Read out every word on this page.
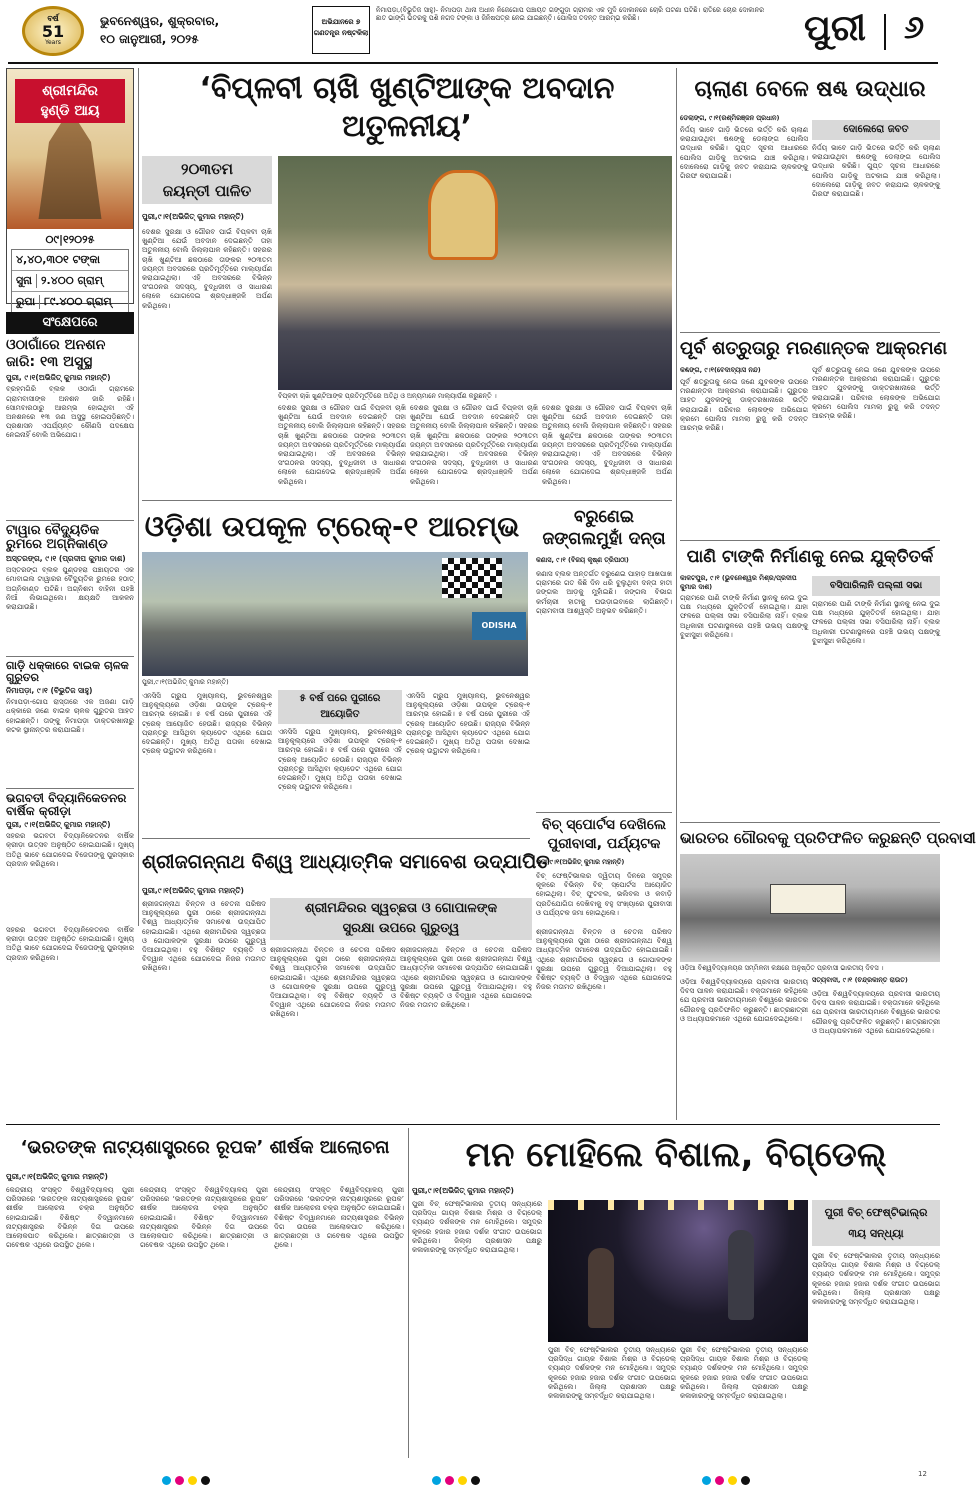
ବର୍ଷ
51
Years
ଭୁବନେଶ୍ୱର, ଶୁକ୍ରବାର,
୧୦ ଜାନୁଆରୀ, ୨୦୨୫
ଅଭିଯାନରେ ୭
ଗଣତନ୍ତ୍ର ନଷ୍ଟକିଲା
ନିମାପଡ଼ା,(ବିଭୁତିଜ ସାହୁ)- ନିମାପଡ଼ା ଥାନା ଅଧୀନ ନିଜେଗୋପ ପଞ୍ଚାୟତ ଗଙ୍ଗୁଡ଼ା ଗ୍ରାମର ଏକ ମୁଦି ଦୋକାନରେ ଚୋରି ଘଟଣା ଘଟିଛି। ରାତିରେ ଚୋର ଦୋକାନର ଛାତ ଭାଙ୍ଗି ଭିତରକୁ ପଶି ନଗଦ ଟଙ୍କା ଓ ଜିନିଷପତ୍ର ନେଇ ଯାଇଛନ୍ତି। ପୋଲିସ ତଦନ୍ତ ଆରମ୍ଭ କରିଛି।	ପୁରୀ	୬
ଶ୍ରୀମନ୍ଦିର
ହୁଣ୍ଡି ଆୟ
୦୯|୧୨୦୨୫
୪,୪୦,୩୦୧ ଟଙ୍କା
ସୁନା ୨.୪୦୦ ଗ୍ରାମ୍
ରୁପା ୮୯.୪୦୦ ଗ୍ରାମ୍
ସଂକ୍ଷେପରେ
ଓଠାଗାଁରେ ଅନଶନ
ଜାରି: ୧୩ ଅସୁସ୍ଥ
ପୁରୀ, ୯।୧(ଅଭିଜିତ୍ କୁମାର ମହାନ୍ତି)
ବ୍ରହ୍ମଗିରି ବ୍ଲକ ଓଠାଗାଁ ଗ୍ରାମରେ ଗ୍ରାମବାସୀଙ୍କ ଅନଶନ ଜାରି ରହିଛି। ସୋମବାରଠାରୁ ଆରମ୍ଭ ହୋଇଥିବା ଏହି ଅନଶନରେ ୧୩ ଜଣ ଅସୁସ୍ଥ ହୋଇପଡ଼ିଛନ୍ତି। ପ୍ରଶାସନ ଏପର୍ଯ୍ୟନ୍ତ କୌଣସି ପଦକ୍ଷେପ ନେଇନାହିଁ ବୋଲି ଅଭିଯୋଗ।
ଟାୱାର ବୈଦ୍ୟୁତିକ ରୁମରେ ଅଗ୍ନିକାଣ୍ଡ
ଅସ୍ତରଙ୍ଗ, ୯।୧ (ପ୍ରଦୀପ କୁମାର ଦାଶ)
ଅସ୍ତରଙ୍ଗ ବ୍ଲକ ପୁଣ୍ଡହରା ପଞ୍ଚାୟତର ଏକ ମୋବାଇଲ ଟାୱାରର ବୈଦ୍ୟୁତିକ ରୁମରେ ହଠାତ୍ ଅଗ୍ନିକାଣ୍ଡ ଘଟିଛି। ଅଗ୍ନିଶମ ବାହିନୀ ପହଞ୍ଚି ନିଆଁ ଲିଭାଇଥିଲେ। କ୍ଷୟକ୍ଷତି ଆକଳନ କରାଯାଉଛି।
ଗାଡ଼ି ଧକ୍କାରେ ବାଇକ ଚାଳକ ଗୁରୁତର
ନିମାପଡ଼ା, ୯।୧ (ବିଭୁତିଜ ସାହୁ)
ନିମାପଡ଼ା-ଗୋପ ରାସ୍ତାରେ ଏକ ଅଜଣା ଗାଡ଼ି ଧକ୍କାରେ ଜଣେ ବାଇକ ଚାଳକ ଗୁରୁତର ଆହତ ହୋଇଛନ୍ତି। ତାଙ୍କୁ ନିମାପଡ଼ା ଡାକ୍ତରଖାନାରୁ କଟକ ସ୍ଥାନାନ୍ତର କରାଯାଇଛି।
ଭଗବତୀ ବିଦ୍ୟାନିକେତନର ବାର୍ଷିକ କ୍ରୀଡ଼ା
ପୁରୀ, ୯।୧(ଅଭିଜିତ୍ କୁମାର ମହାନ୍ତି)
ସହରର ଭଗବତୀ ବିଦ୍ୟାନିକେତନର ବାର୍ଷିକ କ୍ରୀଡ଼ା ଉତ୍ସବ ଅନୁଷ୍ଠିତ ହୋଇଯାଇଛି। ମୁଖ୍ୟ ଅତିଥି ଭାବେ ଯୋଗଦେଇ ବିଜେତାଙ୍କୁ ପୁରସ୍କାର ପ୍ରଦାନ କରିଥିଲେ।
‘ବିପ୍ଳବୀ ଚାଖି ଖୁଣ୍ଟିଆଙ୍କ ଅବଦାନ ଅତୁଳନୀୟ’
୨୦୩ତମ
ଜୟନ୍ତୀ ପାଳିତ
ବିପ୍ଳବୀ ଚାଖି ଖୁଣ୍ଟିଆଙ୍କ ପ୍ରତିମୂର୍ତ୍ତିରେ ଅତିଥି ଓ ଅନ୍ୟମାନେ ମାଲ୍ୟାର୍ପଣ କରୁଛନ୍ତି ।
ପୁରୀ,୯।୧(ଅଭିଜିତ୍ କୁମାର ମହାନ୍ତି)
ଦେଶର ସୁରକ୍ଷା ଓ ଗୌରବ ପାଇଁ ବିପ୍ଳବୀ ଚାଖି ଖୁଣ୍ଟିଆ ଯେଉଁ ଅବଦାନ ଦେଇଛନ୍ତି ତାହା ଅତୁଳନୀୟ ବୋଲି ଜିଲ୍ଲାପାଳ କହିଛନ୍ତି। ସହରର ଚାଖି ଖୁଣ୍ଟିଆ ଛକଠାରେ ତାଙ୍କର ୨୦୩ତମ ଜୟନ୍ତୀ ଅବସରରେ ପ୍ରତିମୂର୍ତ୍ତିରେ ମାଲ୍ୟାର୍ପଣ କରାଯାଇଥିଲା। ଏହି ଅବସରରେ ବିଭିନ୍ନ ସଂଗଠନର ସଦସ୍ୟ, ବୁଦ୍ଧିଜୀବୀ ଓ ସାଧାରଣ ଲୋକେ ଯୋଗଦେଇ ଶ୍ରଦ୍ଧାଞ୍ଜଳି ଅର୍ପଣ କରିଥିଲେ।
ଦେଶର ସୁରକ୍ଷା ଓ ଗୌରବ ପାଇଁ ବିପ୍ଳବୀ ଚାଖି ଖୁଣ୍ଟିଆ ଯେଉଁ ଅବଦାନ ଦେଇଛନ୍ତି ତାହା ଅତୁଳନୀୟ ବୋଲି ଜିଲ୍ଲାପାଳ କହିଛନ୍ତି। ସହରର ଚାଖି ଖୁଣ୍ଟିଆ ଛକଠାରେ ତାଙ୍କର ୨୦୩ତମ ଜୟନ୍ତୀ ଅବସରରେ ପ୍ରତିମୂର୍ତ୍ତିରେ ମାଲ୍ୟାର୍ପଣ କରାଯାଇଥିଲା। ଏହି ଅବସରରେ ବିଭିନ୍ନ ସଂଗଠନର ସଦସ୍ୟ, ବୁଦ୍ଧିଜୀବୀ ଓ ସାଧାରଣ ଲୋକେ ଯୋଗଦେଇ ଶ୍ରଦ୍ଧାଞ୍ଜଳି ଅର୍ପଣ କରିଥିଲେ।
ଦେଶର ସୁରକ୍ଷା ଓ ଗୌରବ ପାଇଁ ବିପ୍ଳବୀ ଚାଖି ଖୁଣ୍ଟିଆ ଯେଉଁ ଅବଦାନ ଦେଇଛନ୍ତି ତାହା ଅତୁଳନୀୟ ବୋଲି ଜିଲ୍ଲାପାଳ କହିଛନ୍ତି। ସହରର ଚାଖି ଖୁଣ୍ଟିଆ ଛକଠାରେ ତାଙ୍କର ୨୦୩ତମ ଜୟନ୍ତୀ ଅବସରରେ ପ୍ରତିମୂର୍ତ୍ତିରେ ମାଲ୍ୟାର୍ପଣ କରାଯାଇଥିଲା। ଏହି ଅବସରରେ ବିଭିନ୍ନ ସଂଗଠନର ସଦସ୍ୟ, ବୁଦ୍ଧିଜୀବୀ ଓ ସାଧାରଣ ଲୋକେ ଯୋଗଦେଇ ଶ୍ରଦ୍ଧାଞ୍ଜଳି ଅର୍ପଣ କରିଥିଲେ।
ଦେଶର ସୁରକ୍ଷା ଓ ଗୌରବ ପାଇଁ ବିପ୍ଳବୀ ଚାଖି ଖୁଣ୍ଟିଆ ଯେଉଁ ଅବଦାନ ଦେଇଛନ୍ତି ତାହା ଅତୁଳନୀୟ ବୋଲି ଜିଲ୍ଲାପାଳ କହିଛନ୍ତି। ସହରର ଚାଖି ଖୁଣ୍ଟିଆ ଛକଠାରେ ତାଙ୍କର ୨୦୩ତମ ଜୟନ୍ତୀ ଅବସରରେ ପ୍ରତିମୂର୍ତ୍ତିରେ ମାଲ୍ୟାର୍ପଣ କରାଯାଇଥିଲା। ଏହି ଅବସରରେ ବିଭିନ୍ନ ସଂଗଠନର ସଦସ୍ୟ, ବୁଦ୍ଧିଜୀବୀ ଓ ସାଧାରଣ ଲୋକେ ଯୋଗଦେଇ ଶ୍ରଦ୍ଧାଞ୍ଜଳି ଅର୍ପଣ କରିଥିଲେ।
ଓଡ଼ିଶା ଉପକୂଳ ଟ୍ରେକ୍-୧ ଆରମ୍ଭ
ODISHA
ପୁରୀ,୯।୧(ଅଭିଜିତ୍ କୁମାର ମହାନ୍ତି)
୫ ବର୍ଷ ପରେ ପୁରୀରେ
ଆୟୋଜିତ
ଏନସିସି ଗ୍ରୁପ ମୁଖ୍ୟାଳୟ, ଭୁବନେଶ୍ୱର ଆନୁକୂଲ୍ୟରେ ଓଡ଼ିଶା ଉପକୂଳ ଟ୍ରେକ୍-୧ ଆରମ୍ଭ ହୋଇଛି। ୫ ବର୍ଷ ପରେ ପୁରୀରେ ଏହି ଟ୍ରେକ୍ ଆୟୋଜିତ ହେଉଛି। ରାଜ୍ୟର ବିଭିନ୍ନ ପ୍ରାନ୍ତରୁ ଆସିଥିବା କ୍ୟାଡେଟ ଏଥିରେ ଯୋଗ ଦେଇଛନ୍ତି। ମୁଖ୍ୟ ଅତିଥି ପତାକା ଦେଖାଇ ଟ୍ରେକ୍ ଉଦ୍ଘାଟନ କରିଥିଲେ।
ଏନସିସି ଗ୍ରୁପ ମୁଖ୍ୟାଳୟ, ଭୁବନେଶ୍ୱର ଆନୁକୂଲ୍ୟରେ ଓଡ଼ିଶା ଉପକୂଳ ଟ୍ରେକ୍-୧ ଆରମ୍ଭ ହୋଇଛି। ୫ ବର୍ଷ ପରେ ପୁରୀରେ ଏହି ଟ୍ରେକ୍ ଆୟୋଜିତ ହେଉଛି। ରାଜ୍ୟର ବିଭିନ୍ନ ପ୍ରାନ୍ତରୁ ଆସିଥିବା କ୍ୟାଡେଟ ଏଥିରେ ଯୋଗ ଦେଇଛନ୍ତି। ମୁଖ୍ୟ ଅତିଥି ପତାକା ଦେଖାଇ ଟ୍ରେକ୍ ଉଦ୍ଘାଟନ କରିଥିଲେ।
ଏନସିସି ଗ୍ରୁପ ମୁଖ୍ୟାଳୟ, ଭୁବନେଶ୍ୱର ଆନୁକୂଲ୍ୟରେ ଓଡ଼ିଶା ଉପକୂଳ ଟ୍ରେକ୍-୧ ଆରମ୍ଭ ହୋଇଛି। ୫ ବର୍ଷ ପରେ ପୁରୀରେ ଏହି ଟ୍ରେକ୍ ଆୟୋଜିତ ହେଉଛି। ରାଜ୍ୟର ବିଭିନ୍ନ ପ୍ରାନ୍ତରୁ ଆସିଥିବା କ୍ୟାଡେଟ ଏଥିରେ ଯୋଗ ଦେଇଛନ୍ତି। ମୁଖ୍ୟ ଅତିଥି ପତାକା ଦେଖାଇ ଟ୍ରେକ୍ ଉଦ୍ଘାଟନ କରିଥିଲେ।
ବରୁଣେଇ
ଜଙ୍ଗଲମୁହାଁ ଦନ୍ତା
କଣାସ, ୯।୧ (ବିଜୟ କୃଷ୍ଣ ତ୍ରିପାଠୀ)
କଣାସ ବ୍ଲକ ଅନ୍ତର୍ଗତ ବରୁଣେଇ ପାହାଡ଼ ଆଖପାଖ ଗ୍ରାମରେ ଗତ କିଛି ଦିନ ଧରି ବୁଲୁଥିବା ଦନ୍ତା ହାତୀ ଜଙ୍ଗଲ ଆଡ଼କୁ ମୁହାଁଇଛି। ଜଙ୍ଗଲ ବିଭାଗ କର୍ମଚାରୀ ହାତୀକୁ ଘଉଡ଼ାଇବାରେ ଲାଗିଛନ୍ତି। ଗ୍ରାମବାସୀ ଆଶ୍ୱସ୍ତି ଅନୁଭବ କରିଛନ୍ତି।
ବିଚ୍ ସ୍ପୋର୍ଟସ ଦେଖିଲେ
ପୁରୀବାସୀ, ପର୍ଯ୍ୟଟକ
ପୁରୀ,୯।୧(ଅଭିଜିତ୍ କୁମାର ମହାନ୍ତି)
ବିଚ୍ ଫେଷ୍ଟିଭାଲର ଦ୍ୱିତୀୟ ଦିନରେ ସମୁଦ୍ର କୂଳରେ ବିଭିନ୍ନ ବିଚ୍ ସ୍ପୋର୍ଟସ ଆୟୋଜିତ ହୋଇଥିଲା। ବିଚ୍ ଫୁଟବଲ, ଭଲିବଲ ଓ କବାଡ଼ି ପ୍ରତିଯୋଗିତା ଦେଖିବାକୁ ବହୁ ସଂଖ୍ୟାରେ ପୁରୀବାସୀ ଓ ପର୍ଯ୍ୟଟକ ଜମା ହୋଇଥିଲେ।
ଶ୍ରୀଜଗନ୍ନାଥ ବିଶ୍ୱ ଆଧ୍ୟାତ୍ମିକ ସମାବେଶ ଉଦ୍ଯାପିତ
ପୁରୀ,୯।୧(ଅଭିଜିତ୍ କୁମାର ମହାନ୍ତି)
ଶ୍ରୀମନ୍ଦିରର ସ୍ୱଚ୍ଛତା ଓ ଗୋପାଳଙ୍କ
ସୁରକ୍ଷା ଉପରେ ଗୁରୁତ୍ୱ
ଶ୍ରୀଜଗନ୍ନାଥ ଚିନ୍ତନ ଓ ଚେତନା ପରିଷଦ ଆନୁକୂଲ୍ୟରେ ପୁରୀ ଠାରେ ଶ୍ରୀଜଗନ୍ନାଥ ବିଶ୍ୱ ଆଧ୍ୟାତ୍ମିକ ସମାବେଶ ଉଦ୍ଯାପିତ ହୋଇଯାଇଛି। ଏଥିରେ ଶ୍ରୀମନ୍ଦିରର ସ୍ୱଚ୍ଛତା ଓ ଗୋପାଳଙ୍କ ସୁରକ୍ଷା ଉପରେ ଗୁରୁତ୍ୱ ଦିଆଯାଇଥିଲା। ବହୁ ବିଶିଷ୍ଟ ବ୍ୟକ୍ତି ଓ ବିଦ୍ୱାନ ଏଥିରେ ଯୋଗଦେଇ ନିଜର ମତାମତ ରଖିଥିଲେ।
ଶ୍ରୀଜଗନ୍ନାଥ ଚିନ୍ତନ ଓ ଚେତନା ପରିଷଦ ଆନୁକୂଲ୍ୟରେ ପୁରୀ ଠାରେ ଶ୍ରୀଜଗନ୍ନାଥ ବିଶ୍ୱ ଆଧ୍ୟାତ୍ମିକ ସମାବେଶ ଉଦ୍ଯାପିତ ହୋଇଯାଇଛି। ଏଥିରେ ଶ୍ରୀମନ୍ଦିରର ସ୍ୱଚ୍ଛତା ଓ ଗୋପାଳଙ୍କ ସୁରକ୍ଷା ଉପରେ ଗୁରୁତ୍ୱ ଦିଆଯାଇଥିଲା। ବହୁ ବିଶିଷ୍ଟ ବ୍ୟକ୍ତି ଓ ବିଦ୍ୱାନ ଏଥିରେ ଯୋଗଦେଇ ନିଜର ମତାମତ ରଖିଥିଲେ।
ଶ୍ରୀଜଗନ୍ନାଥ ଚିନ୍ତନ ଓ ଚେତନା ପରିଷଦ ଆନୁକୂଲ୍ୟରେ ପୁରୀ ଠାରେ ଶ୍ରୀଜଗନ୍ନାଥ ବିଶ୍ୱ ଆଧ୍ୟାତ୍ମିକ ସମାବେଶ ଉଦ୍ଯାପିତ ହୋଇଯାଇଛି। ଏଥିରେ ଶ୍ରୀମନ୍ଦିରର ସ୍ୱଚ୍ଛତା ଓ ଗୋପାଳଙ୍କ ସୁରକ୍ଷା ଉପରେ ଗୁରୁତ୍ୱ ଦିଆଯାଇଥିଲା। ବହୁ ବିଶିଷ୍ଟ ବ୍ୟକ୍ତି ଓ ବିଦ୍ୱାନ ଏଥିରେ ଯୋଗଦେଇ ନିଜର ମତାମତ ରଖିଥିଲେ।
ଶ୍ରୀଜଗନ୍ନାଥ ଚିନ୍ତନ ଓ ଚେତନା ପରିଷଦ ଆନୁକୂଲ୍ୟରେ ପୁରୀ ଠାରେ ଶ୍ରୀଜଗନ୍ନାଥ ବିଶ୍ୱ ଆଧ୍ୟାତ୍ମିକ ସମାବେଶ ଉଦ୍ଯାପିତ ହୋଇଯାଇଛି। ଏଥିରେ ଶ୍ରୀମନ୍ଦିରର ସ୍ୱଚ୍ଛତା ଓ ଗୋପାଳଙ୍କ ସୁରକ୍ଷା ଉପରେ ଗୁରୁତ୍ୱ ଦିଆଯାଇଥିଲା। ବହୁ ବିଶିଷ୍ଟ ବ୍ୟକ୍ତି ଓ ବିଦ୍ୱାନ ଏଥିରେ ଯୋଗଦେଇ ନିଜର ମତାମତ ରଖିଥିଲେ।
ସହରର ଭଗବତୀ ବିଦ୍ୟାନିକେତନର ବାର୍ଷିକ କ୍ରୀଡ଼ା ଉତ୍ସବ ଅନୁଷ୍ଠିତ ହୋଇଯାଇଛି। ମୁଖ୍ୟ ଅତିଥି ଭାବେ ଯୋଗଦେଇ ବିଜେତାଙ୍କୁ ପୁରସ୍କାର ପ୍ରଦାନ କରିଥିଲେ।
ଚାଲାଣ ବେଳେ ଷଣ୍ଢ ଉଦ୍ଧାର
ଡେଲାଙ୍ଗ, ୯।୧(ରଶ୍ମିରଞ୍ଜନ ପ୍ରଧାନ)
ଦୋଲେରୋ ଜବତ
ନିର୍ଦ୍ଦୟ ଭାବେ ଗାଡ଼ି ଭିତରେ ଭର୍ତ୍ତି କରି ଚାଲାଣ କରାଯାଉଥିବା ଷଣ୍ଢଙ୍କୁ ଡେଲାଙ୍ଗ ପୋଲିସ ଉଦ୍ଧାର କରିଛି। ଗୁପ୍ତ ସୂଚନା ଆଧାରରେ ପୋଲିସ ଗାଡ଼ିକୁ ଅଟକାଇ ଯାଞ୍ଚ କରିଥିଲା। ଦୋଲେରୋ ଗାଡ଼ିକୁ ଜବତ କରାଯାଇ ଚାଳକଙ୍କୁ ଗିରଫ କରାଯାଇଛି।
ନିର୍ଦ୍ଦୟ ଭାବେ ଗାଡ଼ି ଭିତରେ ଭର୍ତ୍ତି କରି ଚାଲାଣ କରାଯାଉଥିବା ଷଣ୍ଢଙ୍କୁ ଡେଲାଙ୍ଗ ପୋଲିସ ଉଦ୍ଧାର କରିଛି। ଗୁପ୍ତ ସୂଚନା ଆଧାରରେ ପୋଲିସ ଗାଡ଼ିକୁ ଅଟକାଇ ଯାଞ୍ଚ କରିଥିଲା। ଦୋଲେରୋ ଗାଡ଼ିକୁ ଜବତ କରାଯାଇ ଚାଳକଙ୍କୁ ଗିରଫ କରାଯାଇଛି।
ପୂର୍ବ ଶତ୍ରୁତାରୁ ମରଣାନ୍ତକ ଆକ୍ରମଣ
କଣ୍ଢଙ୍ଗ, ୯।୧(ବେଦାବ୍ୟାସ ନନ୍ଦ)
ପୂର୍ବ ଶତ୍ରୁତାକୁ ନେଇ ଜଣେ ଯୁବକଙ୍କ ଉପରେ ମରଣାନ୍ତକ ଆକ୍ରମଣ କରାଯାଇଛି। ଗୁରୁତର ଆହତ ଯୁବକଙ୍କୁ ଡାକ୍ତରଖାନାରେ ଭର୍ତ୍ତି କରାଯାଇଛି। ପରିବାର ଲୋକଙ୍କ ଅଭିଯୋଗ କ୍ରମେ ପୋଲିସ ମାମଲା ରୁଜୁ କରି ତଦନ୍ତ ଆରମ୍ଭ କରିଛି।
ପୂର୍ବ ଶତ୍ରୁତାକୁ ନେଇ ଜଣେ ଯୁବକଙ୍କ ଉପରେ ମରଣାନ୍ତକ ଆକ୍ରମଣ କରାଯାଇଛି। ଗୁରୁତର ଆହତ ଯୁବକଙ୍କୁ ଡାକ୍ତରଖାନାରେ ଭର୍ତ୍ତି କରାଯାଇଛି। ପରିବାର ଲୋକଙ୍କ ଅଭିଯୋଗ କ୍ରମେ ପୋଲିସ ମାମଲା ରୁଜୁ କରି ତଦନ୍ତ ଆରମ୍ଭ କରିଛି।
ପାଣି ଟାଙ୍କି ନିର୍ମାଣକୁ ନେଇ ଯୁକ୍ତିତର୍କ
କାକଟପୁର, ୯।୧ (ଭୁବନେଶ୍ୱର ମିଶ୍ର/ପ୍ରଦୀପ କୁମାର ଦାଶ)	ବସିପାରିଲାନି ପଲ୍ଲୀ ସଭା
ଗ୍ରାମରେ ପାଣି ଟାଙ୍କି ନିର୍ମାଣ ସ୍ଥାନକୁ ନେଇ ଦୁଇ ପକ୍ଷ ମଧ୍ୟରେ ଯୁକ୍ତିତର୍କ ହୋଇଥିଲା। ଯାହା ଫଳରେ ପଲ୍ଲୀ ସଭା ବସିପାରିଲା ନାହିଁ। ବ୍ଲକ ଅଧିକାରୀ ଘଟଣାସ୍ଥଳରେ ପହଞ୍ଚି ଉଭୟ ପକ୍ଷଙ୍କୁ ବୁଝାସୁଝା କରିଥିଲେ।
ଗ୍ରାମରେ ପାଣି ଟାଙ୍କି ନିର୍ମାଣ ସ୍ଥାନକୁ ନେଇ ଦୁଇ ପକ୍ଷ ମଧ୍ୟରେ ଯୁକ୍ତିତର୍କ ହୋଇଥିଲା। ଯାହା ଫଳରେ ପଲ୍ଲୀ ସଭା ବସିପାରିଲା ନାହିଁ। ବ୍ଲକ ଅଧିକାରୀ ଘଟଣାସ୍ଥଳରେ ପହଞ୍ଚି ଉଭୟ ପକ୍ଷଙ୍କୁ ବୁଝାସୁଝା କରିଥିଲେ।
ଭାରତର ଗୌରବକୁ ପ୍ରତିଫଳିତ କରୁଛନ୍ତି ପ୍ରବାସୀ
ଓଡ଼ିଆ ବିଶ୍ୱବିଦ୍ୟାଳୟର ସମ୍ମିଳନୀ କକ୍ଷରେ ଅନୁଷ୍ଠିତ ପ୍ରବାସୀ ଭାରତୀୟ ଦିବସ ।
ସତ୍ୟବାଦୀ, ୯।୧ (ଚନ୍ଦ୍ରକାନ୍ତ ରାଉତ)
ଓଡ଼ିଆ ବିଶ୍ୱବିଦ୍ୟାଳୟରେ ପ୍ରବାସୀ ଭାରତୀୟ ଦିବସ ପାଳନ କରାଯାଇଛି। ବକ୍ତାମାନେ କହିଥିଲେ ଯେ ପ୍ରବାସୀ ଭାରତୀୟମାନେ ବିଶ୍ୱରେ ଭାରତର ଗୌରବକୁ ପ୍ରତିଫଳିତ କରୁଛନ୍ତି। ଛାତ୍ରଛାତ୍ରୀ ଓ ଅଧ୍ୟାପକମାନେ ଏଥିରେ ଯୋଗଦେଇଥିଲେ।
ଓଡ଼ିଆ ବିଶ୍ୱବିଦ୍ୟାଳୟରେ ପ୍ରବାସୀ ଭାରତୀୟ ଦିବସ ପାଳନ କରାଯାଇଛି। ବକ୍ତାମାନେ କହିଥିଲେ ଯେ ପ୍ରବାସୀ ଭାରତୀୟମାନେ ବିଶ୍ୱରେ ଭାରତର ଗୌରବକୁ ପ୍ରତିଫଳିତ କରୁଛନ୍ତି। ଛାତ୍ରଛାତ୍ରୀ ଓ ଅଧ୍ୟାପକମାନେ ଏଥିରେ ଯୋଗଦେଇଥିଲେ।
‘ଭରତଙ୍କ ନାଟ୍ୟଶାସ୍ତ୍ରରେ ରୂପକ’ ଶୀର୍ଷକ ଆଲୋଚନା
ପୁରୀ,୯।୧(ଅଭିଜିତ୍ କୁମାର ମହାନ୍ତି)
କେନ୍ଦ୍ରୀୟ ସଂସ୍କୃତ ବିଶ୍ୱବିଦ୍ୟାଳୟ ପୁରୀ ପରିସରରେ ‘ଭରତଙ୍କ ନାଟ୍ୟଶାସ୍ତ୍ରରେ ରୂପକ’ ଶୀର୍ଷକ ଆଲୋଚନା ଚକ୍ର ଅନୁଷ୍ଠିତ ହୋଇଯାଇଛି। ବିଶିଷ୍ଟ ବିଦ୍ୱାନମାନେ ନାଟ୍ୟଶାସ୍ତ୍ରର ବିଭିନ୍ନ ଦିଗ ଉପରେ ଆଲୋକପାତ କରିଥିଲେ। ଛାତ୍ରଛାତ୍ରୀ ଓ ଗବେଷକ ଏଥିରେ ଉପସ୍ଥିତ ଥିଲେ।
କେନ୍ଦ୍ରୀୟ ସଂସ୍କୃତ ବିଶ୍ୱବିଦ୍ୟାଳୟ ପୁରୀ ପରିସରରେ ‘ଭରତଙ୍କ ନାଟ୍ୟଶାସ୍ତ୍ରରେ ରୂପକ’ ଶୀର୍ଷକ ଆଲୋଚନା ଚକ୍ର ଅନୁଷ୍ଠିତ ହୋଇଯାଇଛି। ବିଶିଷ୍ଟ ବିଦ୍ୱାନମାନେ ନାଟ୍ୟଶାସ୍ତ୍ରର ବିଭିନ୍ନ ଦିଗ ଉପରେ ଆଲୋକପାତ କରିଥିଲେ। ଛାତ୍ରଛାତ୍ରୀ ଓ ଗବେଷକ ଏଥିରେ ଉପସ୍ଥିତ ଥିଲେ।
କେନ୍ଦ୍ରୀୟ ସଂସ୍କୃତ ବିଶ୍ୱବିଦ୍ୟାଳୟ ପୁରୀ ପରିସରରେ ‘ଭରତଙ୍କ ନାଟ୍ୟଶାସ୍ତ୍ରରେ ରୂପକ’ ଶୀର୍ଷକ ଆଲୋଚନା ଚକ୍ର ଅନୁଷ୍ଠିତ ହୋଇଯାଇଛି। ବିଶିଷ୍ଟ ବିଦ୍ୱାନମାନେ ନାଟ୍ୟଶାସ୍ତ୍ରର ବିଭିନ୍ନ ଦିଗ ଉପରେ ଆଲୋକପାତ କରିଥିଲେ। ଛାତ୍ରଛାତ୍ରୀ ଓ ଗବେଷକ ଏଥିରେ ଉପସ୍ଥିତ ଥିଲେ।
ମନ ମୋହିଲେ ବିଶାଲ, ବିଗ୍‌ଡେଲ୍
ପୁରୀ,୯।୧(ଅଭିଜିତ୍ କୁମାର ମହାନ୍ତି)
ପୁରୀ ବିଚ୍ ଫେଷ୍ଟିଭାଲର ତୃତୀୟ ସନ୍ଧ୍ୟାରେ ପ୍ରସିଦ୍ଧ ଗାୟକ ବିଶାଲ ମିଶ୍ର ଓ ବିଗ୍‌ଡେଲ୍ ବ୍ୟାଣ୍ଡ ଦର୍ଶକଙ୍କ ମନ ମୋହିଥିଲେ। ସମୁଦ୍ର କୂଳରେ ହଜାର ହଜାର ଦର୍ଶକ ସଂଗୀତ ଉପଭୋଗ କରିଥିଲେ। ଜିଲ୍ଲା ପ୍ରଶାସନ ପକ୍ଷରୁ କଳାକାରଙ୍କୁ ସମ୍ବର୍ଦ୍ଧିତ କରାଯାଇଥିଲା।
ପୁରୀ ବିଚ୍ ଫେଷ୍ଟିଭାଲ୍‌ର
୩ୟ ସନ୍ଧ୍ୟା
ପୁରୀ ବିଚ୍ ଫେଷ୍ଟିଭାଲର ତୃତୀୟ ସନ୍ଧ୍ୟାରେ ପ୍ରସିଦ୍ଧ ଗାୟକ ବିଶାଲ ମିଶ୍ର ଓ ବିଗ୍‌ଡେଲ୍ ବ୍ୟାଣ୍ଡ ଦର୍ଶକଙ୍କ ମନ ମୋହିଥିଲେ। ସମୁଦ୍ର କୂଳରେ ହଜାର ହଜାର ଦର୍ଶକ ସଂଗୀତ ଉପଭୋଗ କରିଥିଲେ। ଜିଲ୍ଲା ପ୍ରଶାସନ ପକ୍ଷରୁ କଳାକାରଙ୍କୁ ସମ୍ବର୍ଦ୍ଧିତ କରାଯାଇଥିଲା।
ପୁରୀ ବିଚ୍ ଫେଷ୍ଟିଭାଲର ତୃତୀୟ ସନ୍ଧ୍ୟାରେ ପ୍ରସିଦ୍ଧ ଗାୟକ ବିଶାଲ ମିଶ୍ର ଓ ବିଗ୍‌ଡେଲ୍ ବ୍ୟାଣ୍ଡ ଦର୍ଶକଙ୍କ ମନ ମୋହିଥିଲେ। ସମୁଦ୍ର କୂଳରେ ହଜାର ହଜାର ଦର୍ଶକ ସଂଗୀତ ଉପଭୋଗ କରିଥିଲେ। ଜିଲ୍ଲା ପ୍ରଶାସନ ପକ୍ଷରୁ କଳାକାରଙ୍କୁ ସମ୍ବର୍ଦ୍ଧିତ କରାଯାଇଥିଲା।
ପୁରୀ ବିଚ୍ ଫେଷ୍ଟିଭାଲର ତୃତୀୟ ସନ୍ଧ୍ୟାରେ ପ୍ରସିଦ୍ଧ ଗାୟକ ବିଶାଲ ମିଶ୍ର ଓ ବିଗ୍‌ଡେଲ୍ ବ୍ୟାଣ୍ଡ ଦର୍ଶକଙ୍କ ମନ ମୋହିଥିଲେ। ସମୁଦ୍ର କୂଳରେ ହଜାର ହଜାର ଦର୍ଶକ ସଂଗୀତ ଉପଭୋଗ କରିଥିଲେ। ଜିଲ୍ଲା ପ୍ରଶାସନ ପକ୍ଷରୁ କଳାକାରଙ୍କୁ ସମ୍ବର୍ଦ୍ଧିତ କରାଯାଇଥିଲା।
12
